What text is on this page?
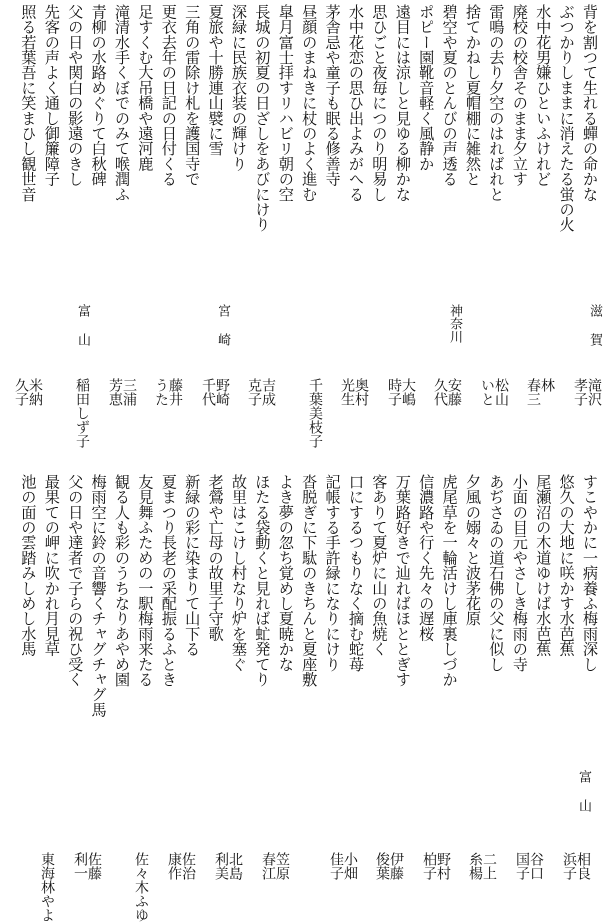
背を割つて生れる蟬の命かな
ぶつかりしままに消えたる蛍の火
水中花男嫌ひといふけれど
廃校の校舎そのまま夕立す
雷鳴の去り夕空のはればれと
捨てかねし夏帽棚に雑然と
碧空や夏のとんびの声透る
ポピー園靴音軽く風静か
遠目には涼しと見ゆる柳かな
思ひごと夜毎につのり明易し
水中花恋の思ひ出よみがへる
茅舎忌や童子も眠る修善寺
昼顔のまねきに杖のよく進む
皐月富士拝すリハビリ朝の空
長城の初夏の日ざしをあびにけり
深緑に民族衣装の輝けり
夏旅や十勝連山襞に雪
三角の雷除け札を護国寺で
更衣去年の日記の日付くる
足すくむ大吊橋や遠河鹿
滝清水手くぼでのみて喉潤ふ
青柳の水路めぐりて白秋碑
父の日や関白の影遠のきし
先客の声よく通し御簾障子
照る若葉吾に笑まひし観世音
滋賀
滝沢
孝子
林
春三
松山
いと
神奈川
安藤
久代
大嶋
時子
奥村
光生
千葉美枝子
吉成
克子
宮崎
野崎
千代
藤井
うた
三浦
芳恵
富山
稲田しず子
米納
久子
すこやかに一病養ふ梅雨深し
悠久の大地に咲かす水芭蕉
尾瀬沼の木道ゆけば水芭蕉
小面の目元やさしき梅雨の寺
あぢさゐの道石佛の父に似し
夕風の嫋々と波茅花原
虎尾草を一輪活けし庫裏しづか
信濃路や行く先々の遅桜
万葉路好きで辿ればほととぎす
客ありて夏炉に山の魚焼く
口にするつもりなく摘む蛇苺
記帳する手許緑になりにけり
沓脱ぎに下駄のきちんと夏座敷
よき夢の忽ち覚めし夏暁かな
ほたる袋動くと見れば虻発てり
故里はこけし村なり炉を塞ぐ
老鶯や亡母の故里子守歌
新緑の彩に染まりて山下る
夏まつり長老の采配振るふとき
友見舞ふための一駅梅雨来たる
観る人も彩のうちなりあやめ園
梅雨空に鈴の音響くチャグチャグ馬
父の日や達者で子らの祝ひ受く
最果ての岬に吹かれ月見草
池の面の雲踏みしめし水馬
富山
相良
浜子
谷口
国子
二上
糸楊
野村
柏子
伊藤
俊葉
小畑
佳子
笠原
春江
北島
利美
佐治
康作
佐々木ふゆ
佐藤
利一
東海林やよ
